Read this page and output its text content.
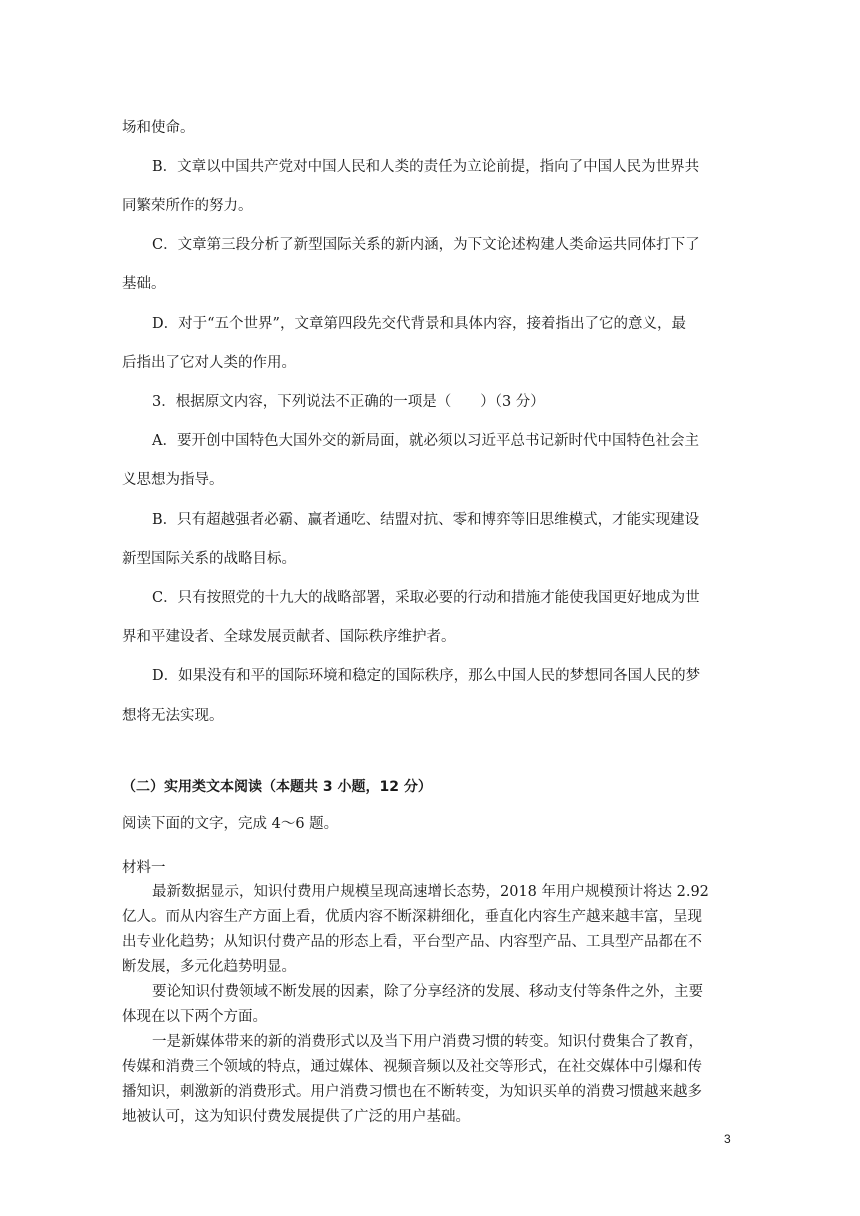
场和使命。

B．文章以中国共产党对中国人民和人类的责任为立论前提，指向了中国人民为世界共

同繁荣所作的努力。

C．文章第三段分析了新型国际关系的新内涵，为下文论述构建人类命运共同体打下了

基础。

D．对于“五个世界”，文章第四段先交代背景和具体内容，接着指出了它的意义，最

后指出了它对人类的作用。

3．根据原文内容，下列说法不正确的一项是（　　）（3 分）

A．要开创中国特色大国外交的新局面，就必须以习近平总书记新时代中国特色社会主

义思想为指导。

B．只有超越强者必霸、赢者通吃、结盟对抗、零和博弈等旧思维模式，才能实现建设

新型国际关系的战略目标。

C．只有按照党的十九大的战略部署，采取必要的行动和措施才能使我国更好地成为世

界和平建设者、全球发展贡献者、国际秩序维护者。

D．如果没有和平的国际环境和稳定的国际秩序，那么中国人民的梦想同各国人民的梦

想将无法实现。

（二）实用类文本阅读（本题共 3 小题，12 分）

阅读下面的文字，完成 4～6 题。

材料一

最新数据显示，知识付费用户规模呈现高速增长态势，2018 年用户规模预计将达 2.92

亿人。而从内容生产方面上看，优质内容不断深耕细化，垂直化内容生产越来越丰富，呈现

出专业化趋势；从知识付费产品的形态上看，平台型产品、内容型产品、工具型产品都在不

断发展，多元化趋势明显。

要论知识付费领域不断发展的因素，除了分享经济的发展、移动支付等条件之外，主要

体现在以下两个方面。

一是新媒体带来的新的消费形式以及当下用户消费习惯的转变。知识付费集合了教育，

传媒和消费三个领域的特点，通过媒体、视频音频以及社交等形式，在社交媒体中引爆和传

播知识，刺激新的消费形式。用户消费习惯也在不断转变，为知识买单的消费习惯越来越多

地被认可，这为知识付费发展提供了广泛的用户基础。

3
